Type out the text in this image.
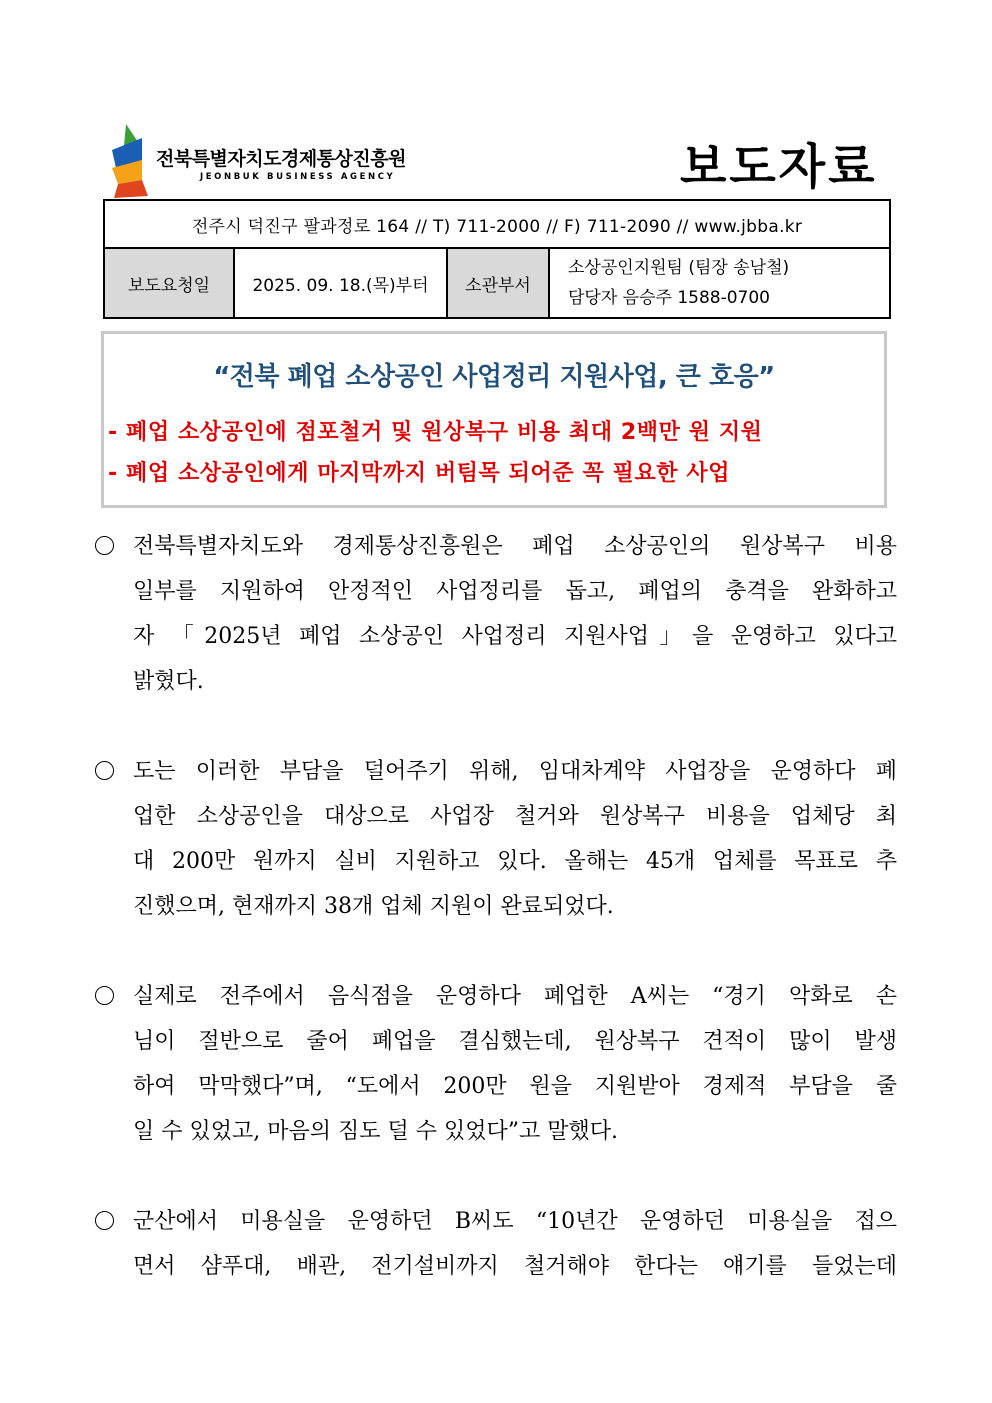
전북특별자치도경제통상진흥원
JEONBUK BUSINESS AGENCY	보도자료
전주시 덕진구 팔과정로 164 // T) 711-2000 // F) 711-2090 // www.jbba.kr
보도요청일	2025. 09. 18.(목)부터	소관부서	
소상공인지원팀 (팀장 송남철)
담당자 음승주 1588-0700
“전북 폐업 소상공인 사업정리 지원사업, 큰 호응”
- 폐업 소상공인에 점포철거 및 원상복구 비용 최대 2백만 원 지원
- 폐업 소상공인에게 마지막까지 버팀목 되어준 꼭 필요한 사업
전북특별자치도와 경제통상진흥원은 폐업 소상공인의 원상복구 비용
일부를 지원하여 안정적인 사업정리를 돕고, 폐업의 충격을 완화하고
자 「2025년 폐업 소상공인 사업정리 지원사업」을 운영하고 있다고
밝혔다.
도는 이러한 부담을 덜어주기 위해, 임대차계약 사업장을 운영하다 폐
업한 소상공인을 대상으로 사업장 철거와 원상복구 비용을 업체당 최
대 200만 원까지 실비 지원하고 있다. 올해는 45개 업체를 목표로 추
진했으며, 현재까지 38개 업체 지원이 완료되었다.
실제로 전주에서 음식점을 운영하다 폐업한 A씨는 “경기 악화로 손
님이 절반으로 줄어 폐업을 결심했는데, 원상복구 견적이 많이 발생
하여 막막했다”며, “도에서 200만 원을 지원받아 경제적 부담을 줄
일 수 있었고, 마음의 짐도 덜 수 있었다”고 말했다.
군산에서 미용실을 운영하던 B씨도 “10년간 운영하던 미용실을 접으
면서 샴푸대, 배관, 전기설비까지 철거해야 한다는 얘기를 들었는데
